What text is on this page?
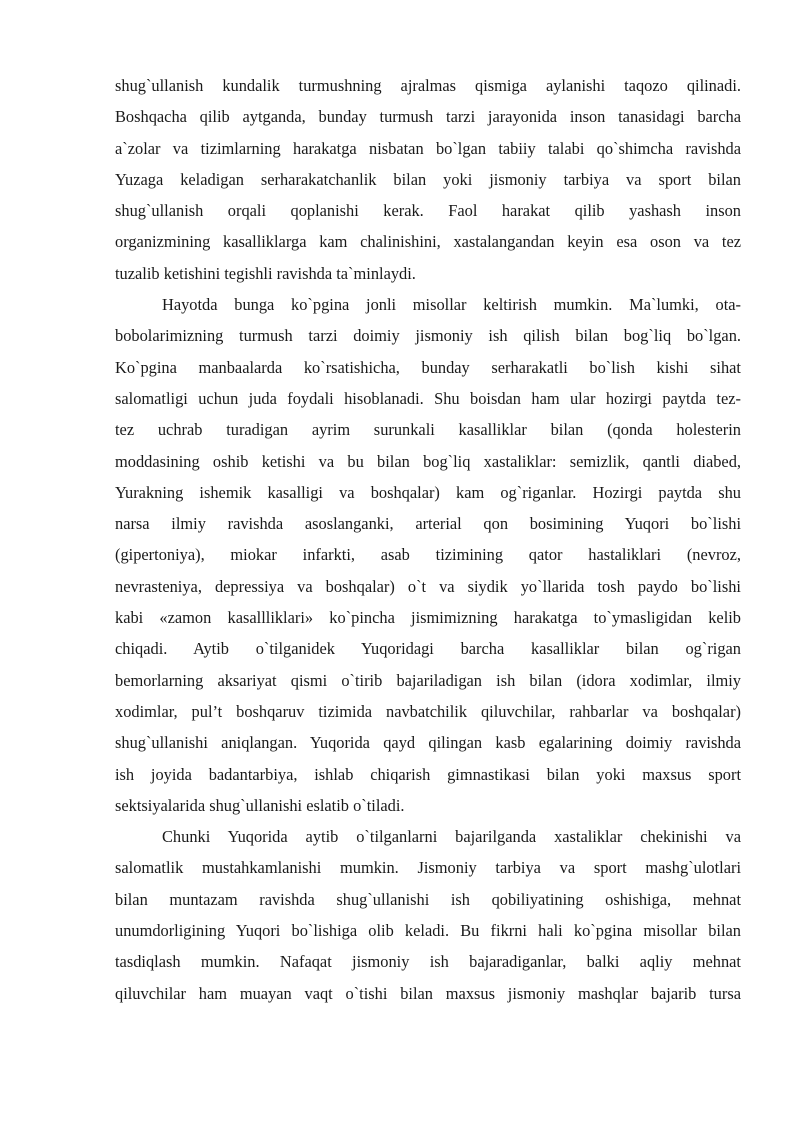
shug`ullanish kundalik turmushning ajralmas qismiga aylanishi taqozo qilinadi.
Boshqacha qilib aytganda, bunday turmush tarzi jarayonida inson tanasidagi barcha
a`zolar va tizimlarning harakatga nisbatan bo`lgan tabiiy talabi qo`shimcha ravishda
Yuzaga keladigan serharakatchanlik bilan yoki jismoniy tarbiya va sport bilan
shug`ullanish orqali qoplanishi kerak. Faol harakat qilib yashash inson
organizmining kasalliklarga kam chalinishini, xastalangandan keyin esa oson va tez
tuzalib ketishini tegishli ravishda ta`minlaydi.
Hayotda bunga ko`pgina jonli misollar keltirish mumkin. Ma`lumki, ota-
bobolarimizning turmush tarzi doimiy jismoniy ish qilish bilan bog`liq bo`lgan.
Ko`pgina manbaalarda ko`rsatishicha, bunday serharakatli bo`lish kishi sihat
salomatligi uchun juda foydali hisoblanadi. Shu boisdan ham ular hozirgi paytda tez-
tez uchrab turadigan ayrim surunkali kasalliklar bilan (qonda holesterin
moddasining oshib ketishi va bu bilan bog`liq xastaliklar: semizlik, qantli diabed,
Yurakning ishemik kasalligi va boshqalar) kam og`riganlar. Hozirgi paytda shu
narsa ilmiy ravishda asoslanganki, arterial qon bosimining Yuqori bo`lishi
(gipertoniya), miokar infarkti, asab tizimining qator hastaliklari (nevroz,
nevrasteniya, depressiya va boshqalar) o`t va siydik yo`llarida tosh paydo bo`lishi
kabi «zamon kasallliklari» ko`pincha jismimizning harakatga to`ymasligidan kelib
chiqadi. Aytib o`tilganidek Yuqoridagi barcha kasalliklar bilan og`rigan
bemorlarning aksariyat qismi o`tirib bajariladigan ish bilan (idora xodimlar, ilmiy
xodimlar, pul’t boshqaruv tizimida navbatchilik qiluvchilar, rahbarlar va boshqalar)
shug`ullanishi aniqlangan. Yuqorida qayd qilingan kasb egalarining doimiy ravishda
ish joyida badantarbiya, ishlab chiqarish gimnastikasi bilan yoki maxsus sport
sektsiyalarida shug`ullanishi eslatib o`tiladi.
Chunki Yuqorida aytib o`tilganlarni bajarilganda xastaliklar chekinishi va
salomatlik mustahkamlanishi mumkin. Jismoniy tarbiya va sport mashg`ulotlari
bilan muntazam ravishda shug`ullanishi ish qobiliyatining oshishiga, mehnat
unumdorligining Yuqori bo`lishiga olib keladi. Bu fikrni hali ko`pgina misollar bilan
tasdiqlash mumkin. Nafaqat jismoniy ish bajaradiganlar, balki aqliy mehnat
qiluvchilar ham muayan vaqt o`tishi bilan maxsus jismoniy mashqlar bajarib tursa
